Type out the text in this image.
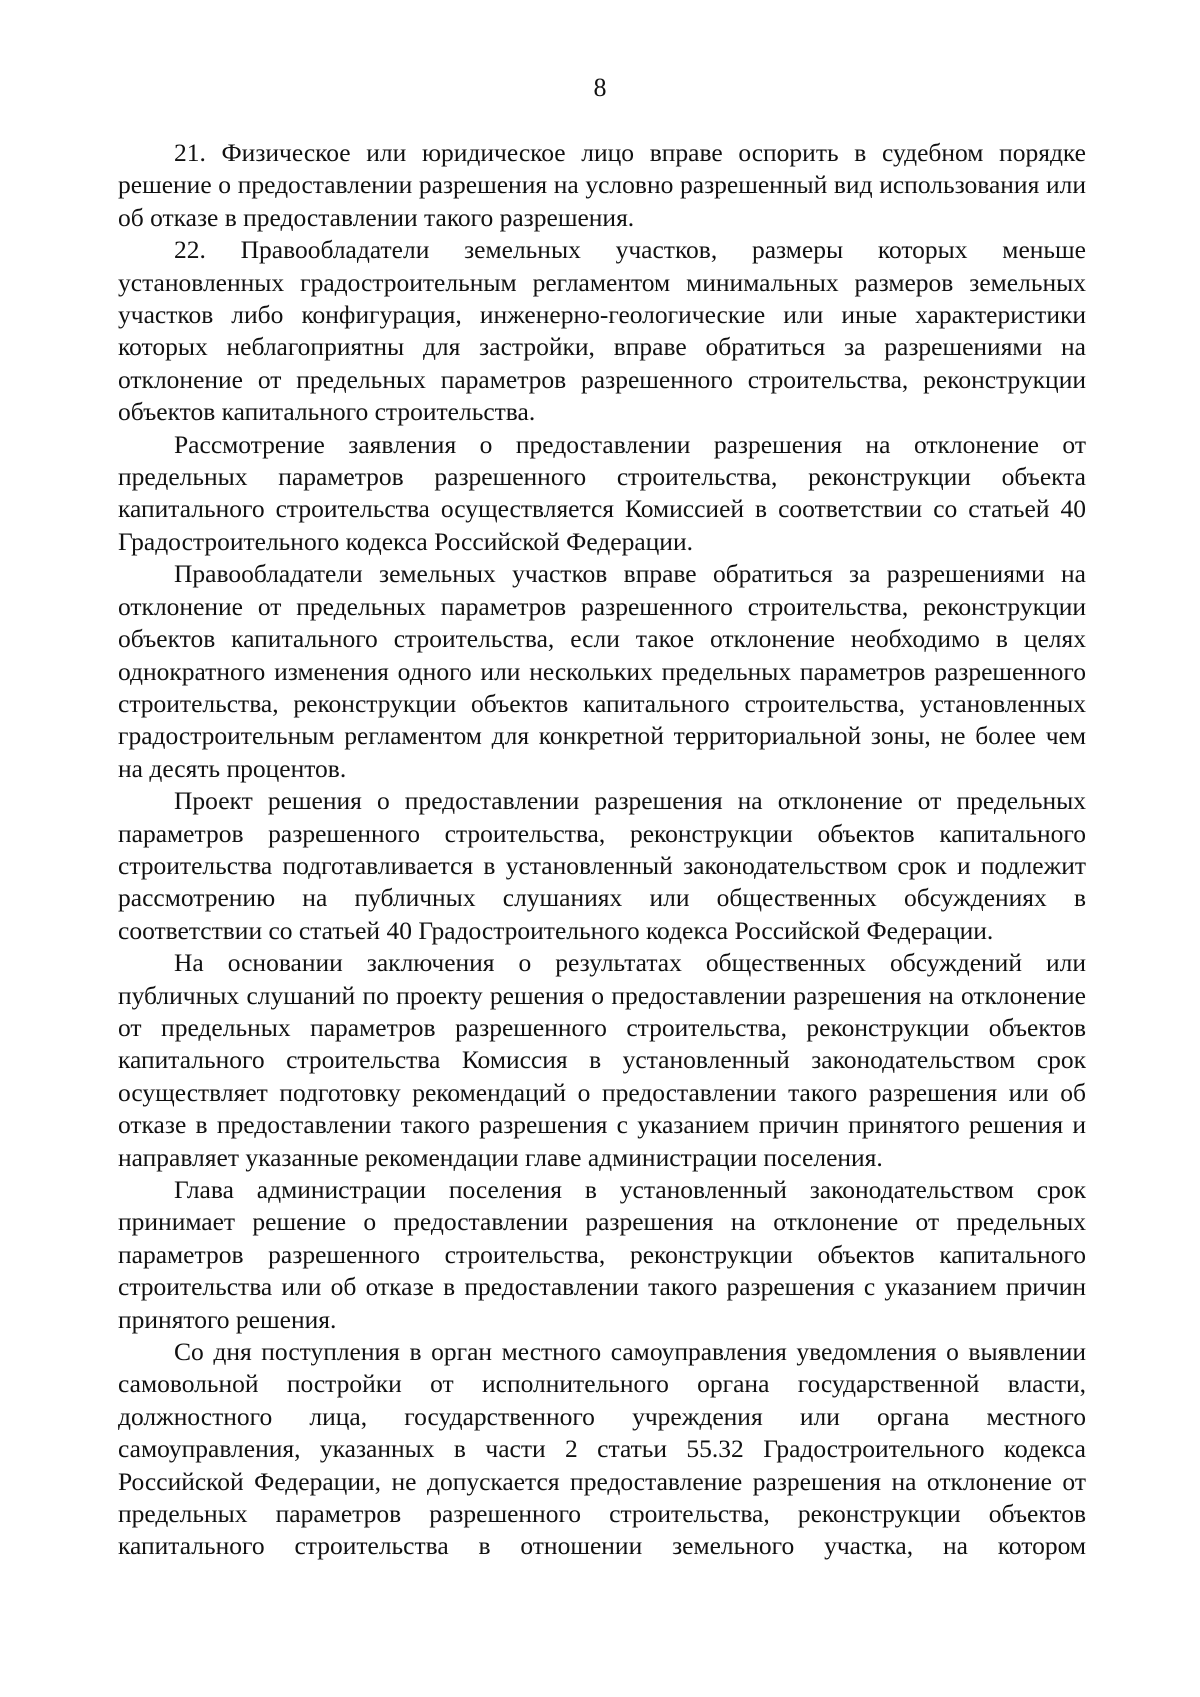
8

21. Физическое или юридическое лицо вправе оспорить в судебном порядке решение о предоставлении разрешения на условно разрешенный вид использования или об отказе в предоставлении такого разрешения.

22. Правообладатели земельных участков, размеры которых меньше установленных градостроительным регламентом минимальных размеров земельных участков либо конфигурация, инженерно-геологические или иные характеристики которых неблагоприятны для застройки, вправе обратиться за разрешениями на отклонение от предельных параметров разрешенного строительства, реконструкции объектов капитального строительства.

Рассмотрение заявления о предоставлении разрешения на отклонение от предельных параметров разрешенного строительства, реконструкции объекта капитального строительства осуществляется Комиссией в соответствии со статьей 40 Градостроительного кодекса Российской Федерации.

Правообладатели земельных участков вправе обратиться за разрешениями на отклонение от предельных параметров разрешенного строительства, реконструкции объектов капитального строительства, если такое отклонение необходимо в целях однократного изменения одного или нескольких предельных параметров разрешенного строительства, реконструкции объектов капитального строительства, установленных градостроительным регламентом для конкретной территориальной зоны, не более чем на десять процентов.

Проект решения о предоставлении разрешения на отклонение от предельных параметров разрешенного строительства, реконструкции объектов капитального строительства подготавливается в установленный законодательством срок и подлежит рассмотрению на публичных слушаниях или общественных обсуждениях в соответствии со статьей 40 Градостроительного кодекса Российской Федерации.

На основании заключения о результатах общественных обсуждений или публичных слушаний по проекту решения о предоставлении разрешения на отклонение от предельных параметров разрешенного строительства, реконструкции объектов капитального строительства Комиссия в установленный законодательством срок осуществляет подготовку рекомендаций о предоставлении такого разрешения или об отказе в предоставлении такого разрешения с указанием причин принятого решения и направляет указанные рекомендации главе администрации поселения.

Глава администрации поселения в установленный законодательством срок принимает решение о предоставлении разрешения на отклонение от предельных параметров разрешенного строительства, реконструкции объектов капитального строительства или об отказе в предоставлении такого разрешения с указанием причин принятого решения.

Со дня поступления в орган местного самоуправления уведомления о выявлении самовольной постройки от исполнительного органа государственной власти, должностного лица, государственного учреждения или органа местного самоуправления, указанных в части 2 статьи 55.32 Градостроительного кодекса Российской Федерации, не допускается предоставление разрешения на отклонение от предельных параметров разрешенного строительства, реконструкции объектов капитального строительства в отношении земельного участка, на котором
